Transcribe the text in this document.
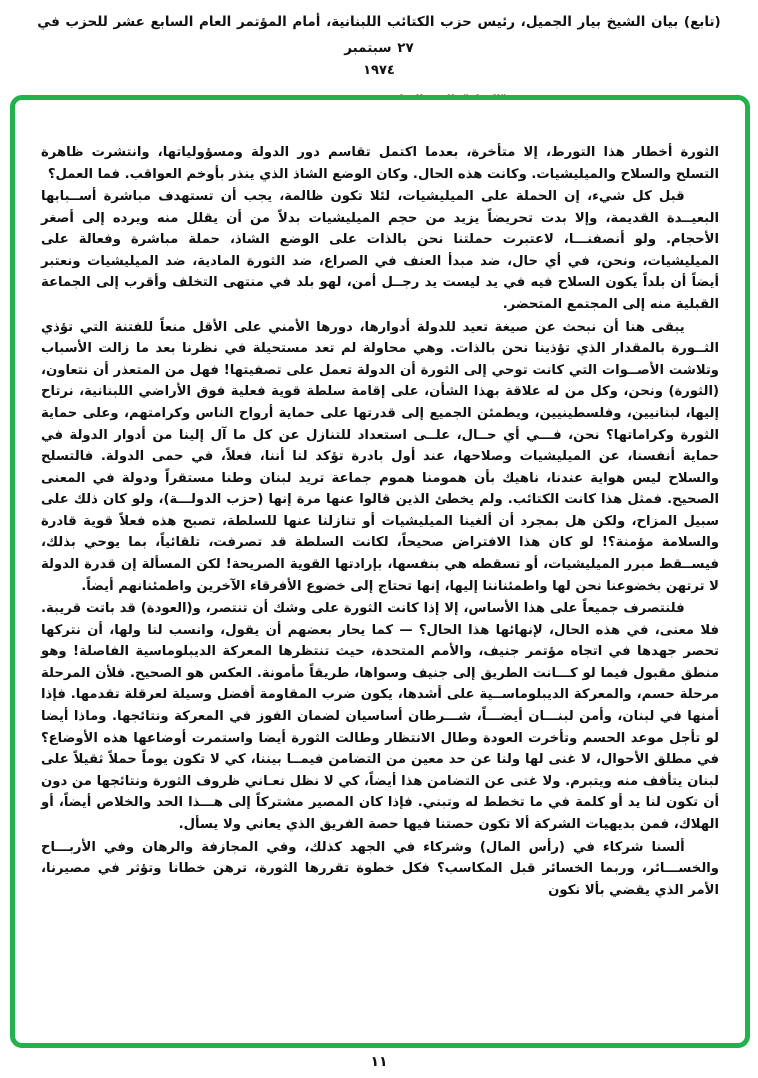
(تابع) بيان الشيخ بيار الجميل، رئيس حزب الكتائب اللبنانية، أمام المؤتمر العام السابع عشر للحزب في ٢٧ سبتمبر
١٩٧٤

الثورة أخطار هذا التورط، إلا متأخرة، بعدما اكتمل تقاسم دور الدولة ومسؤولياتها، وانتشرت ظاهرة التسلح والسلاح والميليشيات. وكانت هذه الحال. وكان الوضع الشاذ الذي ينذر بأوخم العواقب. فما العمل؟

قبل كل شيء، إن الحملة على الميليشيات، لئلا تكون ظالمة، يجب أن تستهدف مباشرة أســبابها البعيــدة القديمة، وإلا بدت تحريضاً يزيد من حجم الميليشيات بدلاً من أن يقلل منه ويرده إلى أصغر الأحجام. ولو أنصفنـــا، لاعتبرت حملتنا نحن بالذات على الوضع الشاذ، حملة مباشرة وفعالة على الميليشيات، ونحن، في أي حال، ضد مبدأ العنف في الصراع، ضد الثورة المادية، ضد الميليشيات ونعتبر أيضاً أن بلداً يكون السلاح فيه في يد ليست يد رجــل أمن، لهو بلد في منتهى التخلف وأقرب إلى الجماعة القبلية منه إلى المجتمع المتحضر.

يبقى هنا أن نبحث عن صيغة تعيد للدولة أدوارها، دورها الأمني على الأقل منعاً للفتنة التي تؤذي الثــورة بالمقدار الذي تؤذينا نحن بالذات. وهي محاولة لم تعد مستحيلة في نظرنا بعد ما زالت الأسباب وتلاشت الأصــوات التي كانت توحي إلى الثورة أن الدولة تعمل على تصفيتها! فهل من المتعذر أن نتعاون، (الثورة) ونحن، وكل من له علاقة بهذا الشأن، على إقامة سلطة قوية فعلية فوق الأراضي اللبنانية، نرتاح إليها، لبنانيين، وفلسطينيين، ويطمئن الجميع إلى قدرتها على حماية أرواح الناس وكرامتهم، وعلى حماية الثورة وكراماتها؟ نحن، فـــي أي حــال، علــى استعداد للتنازل عن كل ما آل إلينا من أدوار الدولة في حماية أنفسنا، عن الميليشيات وصلاحها، عند أول بادرة تؤكد لنا أننا، فعلاً، في حمى الدولة. فالتسلح والسلاح ليس هواية عندنا، ناهيك بأن همومنا هموم جماعة تريد لبنان وطنا مستقراً ودولة في المعنى الصحيح. فمثل هذا كانت الكتائب. ولم يخطئ الذين قالوا عنها مرة إنها (حزب الدولـــة)، ولو كان ذلك على سبيل المزاح، ولكن هل بمجرد أن ألغينا الميليشيات أو تنازلنا عنها للسلطة، تصبح هذه فعلاً قوية قادرة والسلامة مؤمنة؟! لو كان هذا الافتراض صحيحاً، لكانت السلطة قد تصرفت، تلقائياً، بما يوحي بذلك، فيســقط مبرر الميليشيات، أو تسقطه هي بنفسها، بإرادتها القوية الصريحة! لكن المسألة إن قدرة الدولة لا ترتهن بخضوعنا نحن لها واطمئناننا إليها، إنها تحتاج إلى خضوع الأفرقاء الآخرين واطمئنانهم أيضاً.

فلنتصرف جميعاً على هذا الأساس، إلا إذا كانت الثورة على وشك أن تنتصر، و(العودة) قد باتت قريبة. فلا معنى، في هذه الحال، لإنهائها هذا الحال؟ — كما يحار بعضهم أن يقول، وانسب لنا ولها، أن نتركها تحصر جهدها في اتجاه مؤتمر جنيف، والأمم المتحدة، حيث تنتظرها المعركة الديبلوماسية الفاصلة! وهو منطق مقبول فيما لو كـــانت الطريق إلى جنيف وسواها، طريقاً مأمونة. العكس هو الصحيح. فلأن المرحلة مرحلة حسم، والمعركة الديبلوماســية على أشدها، يكون ضرب المقاومة أفضل وسيلة لعرقلة تقدمها. فإذا أمنها في لبنان، وأمن لبنـــان أيضـــاً، شـــرطان أساسيان لضمان الفوز في المعركة ونتائجها. وماذا أيضا لو تأجل موعد الحسم وتأخرت العودة وطال الانتظار وطالت الثورة أيضا واستمرت أوضاعها هذه الأوضاع؟ في مطلق الأحوال، لا غنى لها ولنا عن حد معين من التضامن فيمــا بيننا، كي لا تكون يوماً حملاً ثقيلاً على لبنان يتأفف منه ويتبرم. ولا غنى عن التضامن هذا أيضاً، كي لا نظل نعـاني ظروف الثورة ونتائجها من دون أن تكون لنا يد أو كلمة في ما تخطط له وتبني. فإذا كان المصير مشتركاً إلى هـــذا الحد والخلاص أيضاً، أو الهلاك، فمن بديهيات الشركة ألا تكون حصتنا فيها حصة الفريق الذي يعاني ولا يسأل.

ألسنا شركاء في (رأس المال) وشركاء في الجهد كذلك، وفي المجازفة والرهان وفي الأربـــاح والخســـائر، وربما الخسائر قبل المكاسب؟ فكل خطوة تقررها الثورة، ترهن خطانا وتؤثر في مصيرنا، الأمر الذي يقضي بألا نكون

١١
